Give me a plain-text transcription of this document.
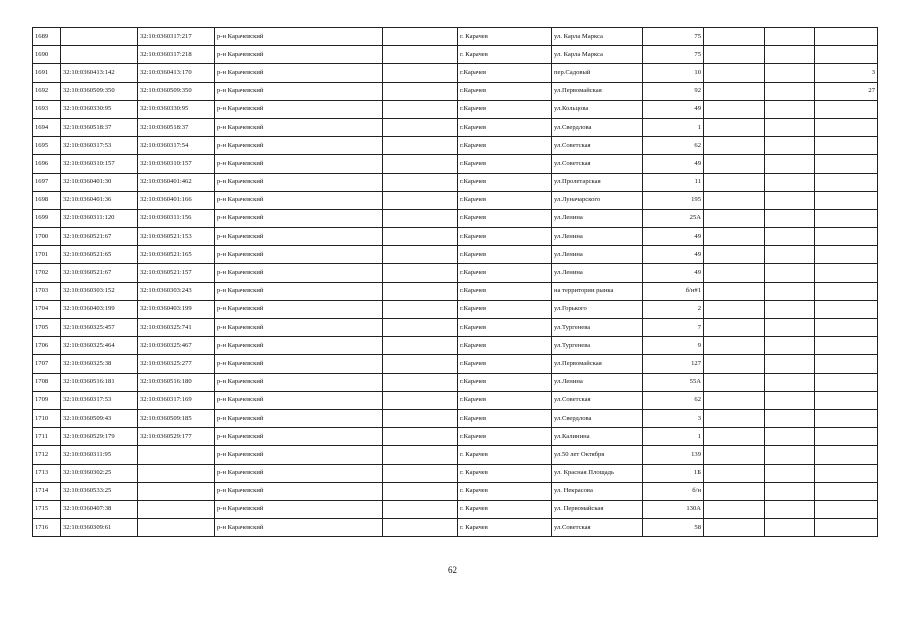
1689		32:10:0360317:217	р-н Карачевский		г. Карачев	ул. Карла Маркса	75			
1690		32:10:0360317:218	р-н Карачевский		г. Карачев	ул. Карла Маркса	75			
1691	32:10:0360413:142	32:10:0360413:170	р-н Карачевский		г.Карачев	пер.Садовый	10			3
1692	32:10:0360509:350	32:10:0360509:350	р-н Карачевский		г.Карачев	ул.Первомайская	92			27
1693	32:10:0360330:95	32:10:0360330:95	р-н Карачевский		г.Карачев	ул.Кольцова	49			
1694	32:10:0360518:37	32:10:0360518:37	р-н Карачевский		г.Карачев	ул.Свердлова	1			
1695	32:10:0360317:53	32:10:0360317:54	р-н Карачевский		г.Карачев	ул.Советская	62			
1696	32:10:0360310:157	32:10:0360310:157	р-н Карачевский		г.Карачев	ул.Советская	49			
1697	32:10:0360401:30	32:10:0360401:462	р-н Карачевский		г.Карачев	ул.Пролетарская	11			
1698	32:10:0360401:36	32:10:0360401:166	р-н Карачевский		г.Карачев	ул.Луначарского	195			
1699	32:10:0360311:120	32:10:0360311:156	р-н Карачевский		г.Карачев	ул.Ленина	25А			
1700	32:10:0360521:67	32:10:0360521:153	р-н Карачевский		г.Карачев	ул.Ленина	49			
1701	32:10:0360521:65	32:10:0360521:165	р-н Карачевский		г.Карачев	ул.Ленина	49			
1702	32:10:0360521:67	32:10:0360521:157	р-н Карачевский		г.Карачев	ул.Ленина	49			
1703	32:10:0360303:152	32:10:0360303:243	р-н Карачевский		г.Карачев	на территории рынка	б/н#1			
1704	32:10:0360403:199	32:10:0360403:199	р-н Карачевский		г.Карачев	ул.Горького	2			
1705	32:10:0360325:457	32:10:0360325:741	р-н Карачевский		г.Карачев	ул.Тургенева	7			
1706	32:10:0360325:464	32:10:0360325:467	р-н Карачевский		г.Карачев	ул.Тургенева	9			
1707	32:10:0360325:38	32:10:0360325:277	р-н Карачевский		г.Карачев	ул.Первомайская	127			
1708	32:10:0360516:181	32:10:0360516:180	р-н Карачевский		г.Карачев	ул.Ленина	55А			
1709	32:10:0360317:53	32:10:0360317:169	р-н Карачевский		г.Карачев	ул.Советская	62			
1710	32:10:0360509:43	32:10:0360509:185	р-н Карачевский		г.Карачев	ул.Свердлова	3			
1711	32:10:0360529:179	32:10:0360529:177	р-н Карачевский		г.Карачев	ул.Калинина	1			
1712	32:10:0360311:95		р-н Карачевский		г. Карачев	ул.50 лет Октября	139			
1713	32:10:0360302:25		р-н Карачевский		г. Карачев	ул. Красная Площадь	1Б			
1714	32:10:0360533:25		р-н Карачевский		г. Карачев	ул. Некрасова	б/н			
1715	32:10:0360407:38		р-н Карачевский		г. Карачев	ул. Первомайская	130А			
1716	32:10:0360309:61		р-н Карачевский		г. Карачев	ул.Советская	58			
62
